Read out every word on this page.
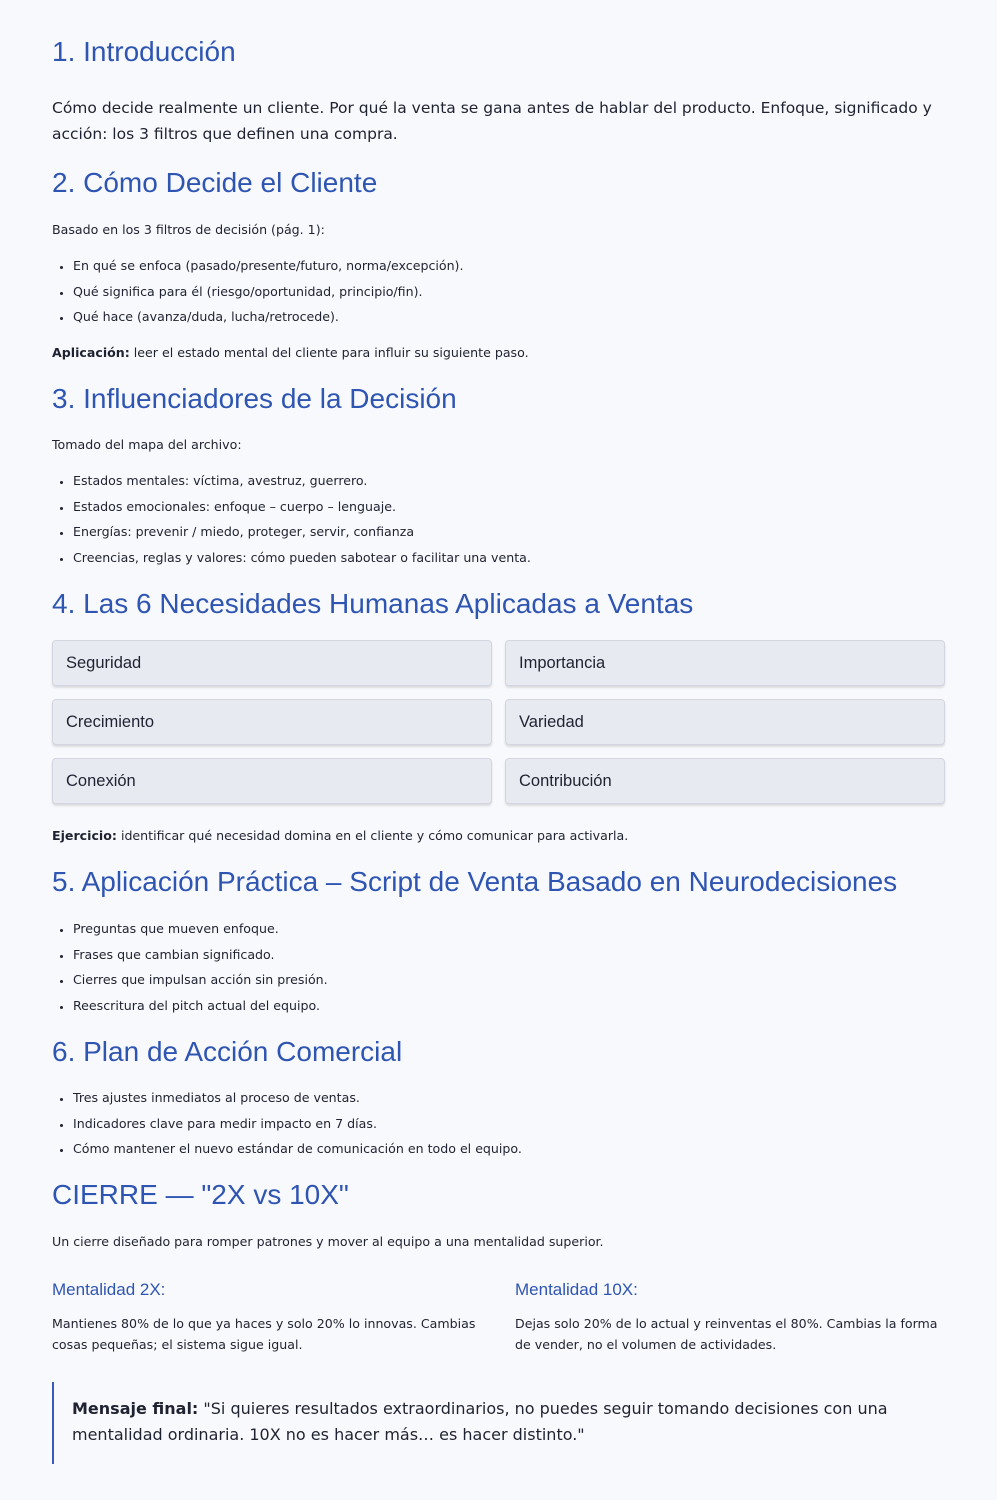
1. Introducción

Cómo decide realmente un cliente. Por qué la venta se gana antes de hablar del producto. Enfoque, significado y acción: los 3 filtros que definen una compra.

2. Cómo Decide el Cliente

Basado en los 3 filtros de decisión (pág. 1):

• En qué se enfoca (pasado/presente/futuro, norma/excepción).
• Qué significa para él (riesgo/oportunidad, principio/fin).
• Qué hace (avanza/duda, lucha/retrocede).

Aplicación: leer el estado mental del cliente para influir su siguiente paso.

3. Influenciadores de la Decisión

Tomado del mapa del archivo:

• Estados mentales: víctima, avestruz, guerrero.
• Estados emocionales: enfoque – cuerpo – lenguaje.
• Energías: prevenir / miedo, proteger, servir, confianza
• Creencias, reglas y valores: cómo pueden sabotear o facilitar una venta.
4. Las 6 Necesidades Humanas Aplicadas a Ventas
Seguridad	Importancia
Crecimiento	Variedad
Conexión	Contribución

Ejercicio: identificar qué necesidad domina en el cliente y cómo comunicar para activarla.

5. Aplicación Práctica – Script de Venta Basado en Neurodecisiones
• Preguntas que mueven enfoque.
• Frases que cambian significado.
• Cierres que impulsan acción sin presión.
• Reescritura del pitch actual del equipo.
6. Plan de Acción Comercial
• Tres ajustes inmediatos al proceso de ventas.
• Indicadores clave para medir impacto en 7 días.
• Cómo mantener el nuevo estándar de comunicación en todo el equipo.
CIERRE — "2X vs 10X"

Un cierre diseñado para romper patrones y mover al equipo a una mentalidad superior.

Mentalidad 2X:

Mantienes 80% de lo que ya haces y solo 20% lo innovas. Cambias cosas pequeñas; el sistema sigue igual.

Mentalidad 10X:

Dejas solo 20% de lo actual y reinventas el 80%. Cambias la forma de vender, no el volumen de actividades.

Mensaje final: "Si quieres resultados extraordinarios, no puedes seguir tomando decisiones con una mentalidad ordinaria. 10X no es hacer más… es hacer distinto."
